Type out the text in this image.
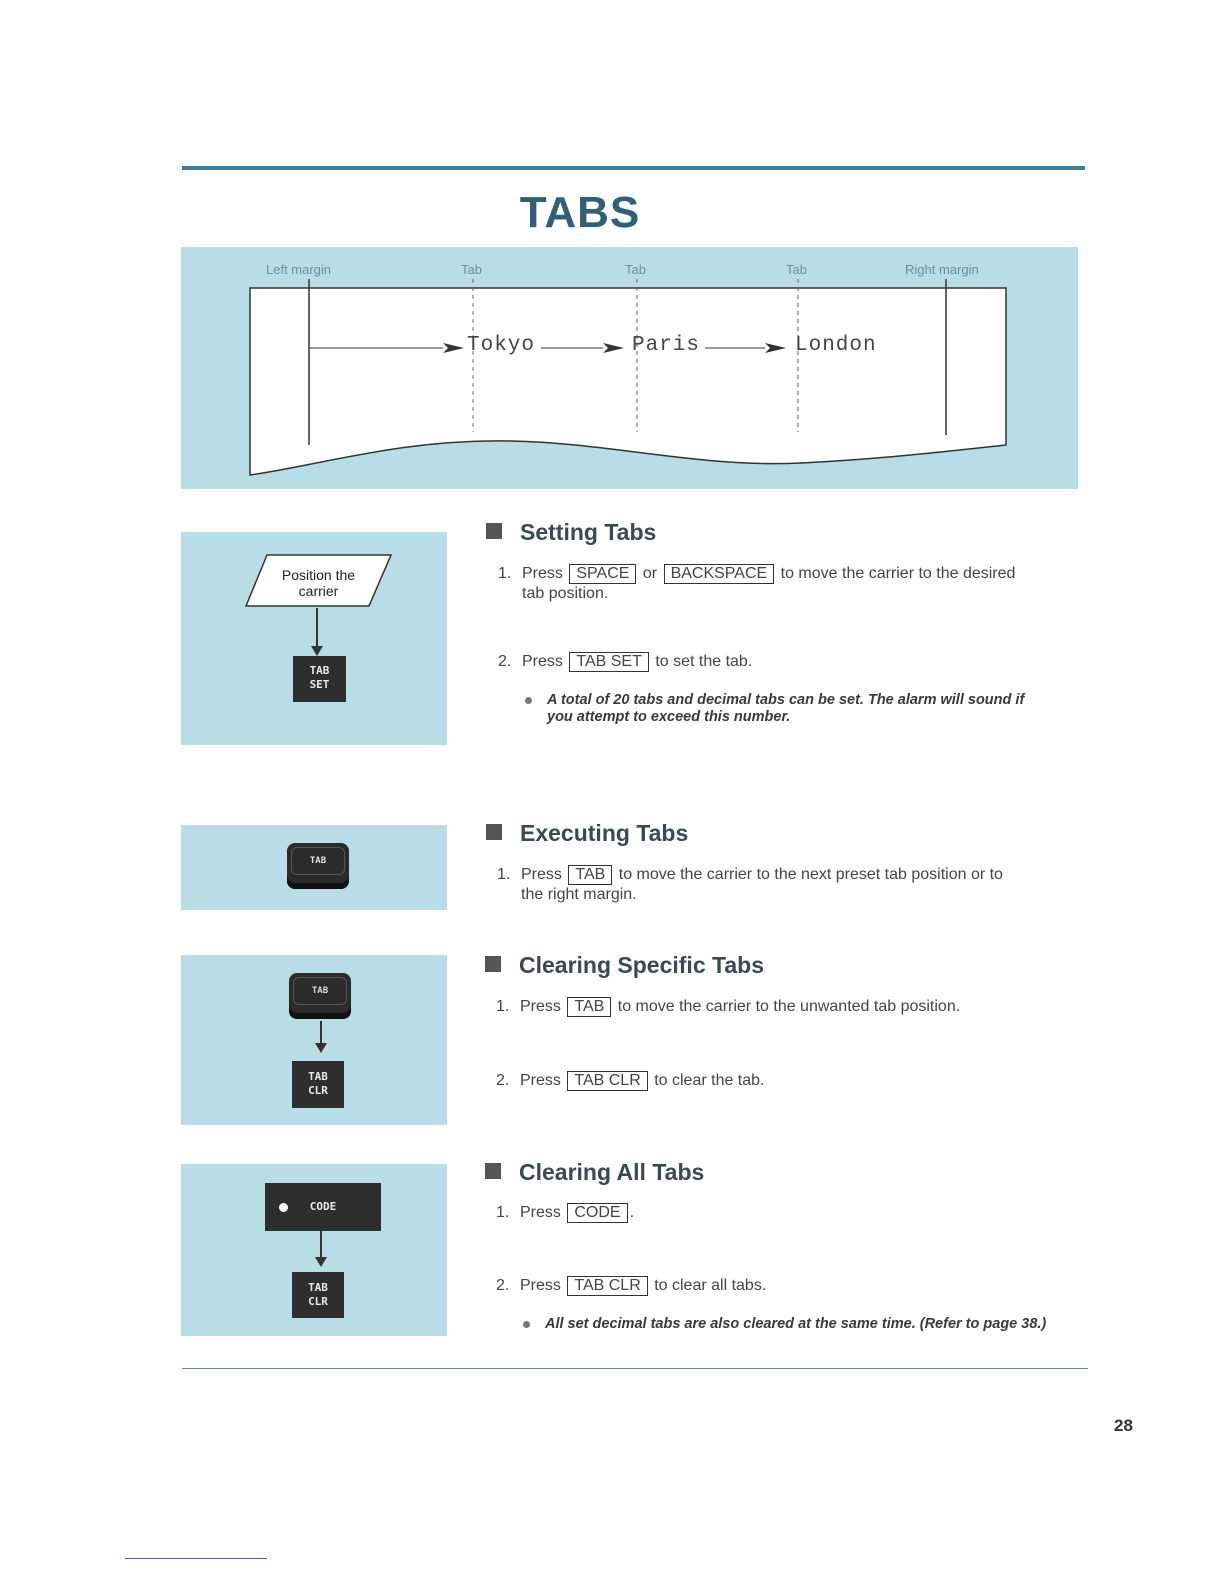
TABS
Left margin	Tab	Tab	Tab	Right margin
Tokyo	Paris	London
Position the carrier
TAB
SET
TAB
TAB
TAB
CLR
CODE
TAB
CLR
Setting Tabs
1. Press SPACE or BACKSPACE to move the carrier to the desired
tab position.
2. Press TAB SET to set the tab.
A total of 20 tabs and decimal tabs can be set. The alarm will sound if
you attempt to exceed this number.
Executing Tabs
1. Press TAB to move the carrier to the next preset tab position or to
the right margin.
Clearing Specific Tabs
1. Press TAB to move the carrier to the unwanted tab position.
2. Press TAB CLR to clear the tab.
Clearing All Tabs
1. Press CODE .
2. Press TAB CLR to clear all tabs.
All set decimal tabs are also cleared at the same time. (Refer to page 38.)
28
